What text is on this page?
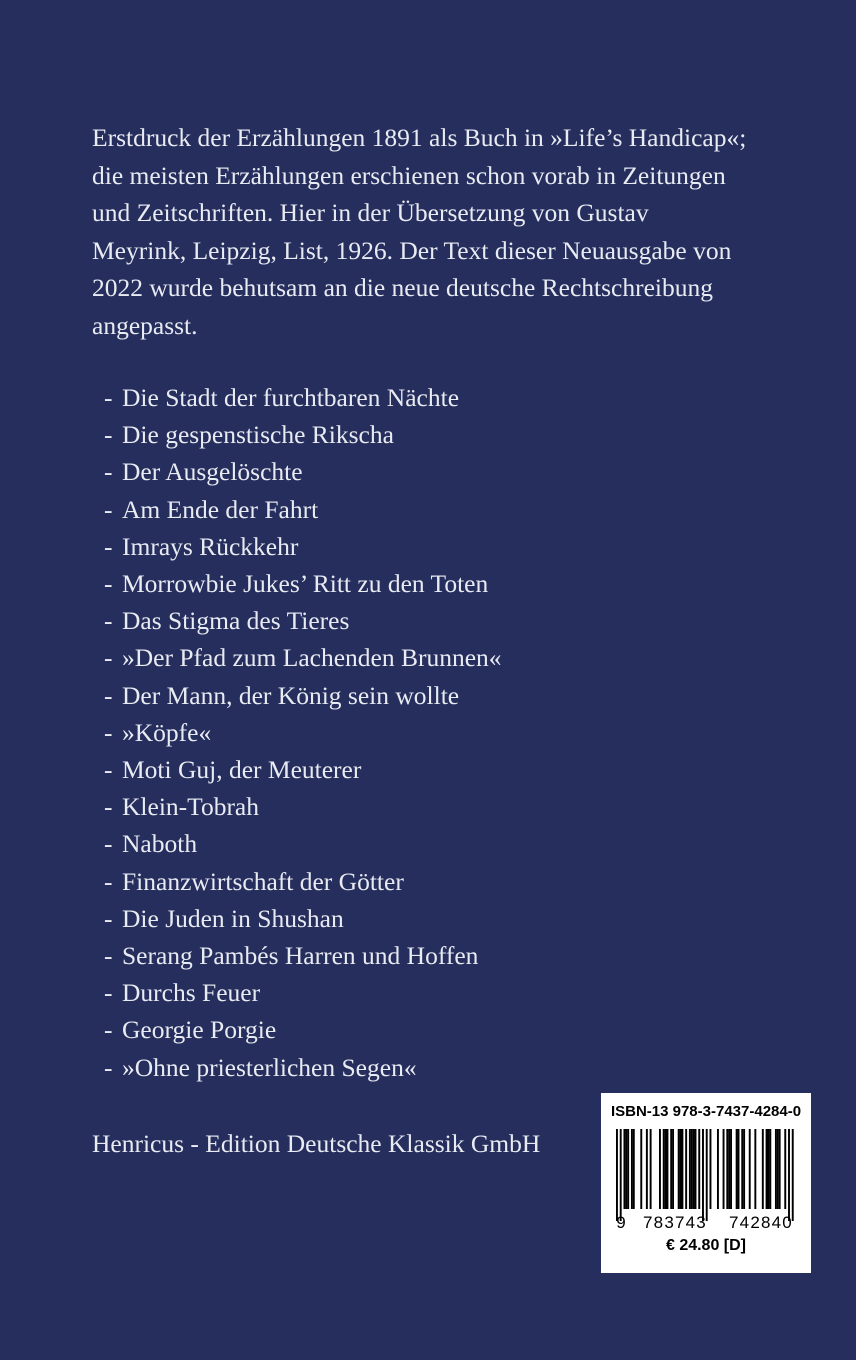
Erstdruck der Erzählungen 1891 als Buch in »Life’s Handicap«;
die meisten Erzählungen erschienen schon vorab in Zeitungen
und Zeitschriften. Hier in der Übersetzung von Gustav
Meyrink, Leipzig, List, 1926. Der Text dieser Neuausgabe von
2022 wurde behutsam an die neue deutsche Rechtschreibung
angepasst.
- Die Stadt der furchtbaren Nächte
- Die gespenstische Rikscha
- Der Ausgelöschte
- Am Ende der Fahrt
- Imrays Rückkehr
- Morrowbie Jukes’ Ritt zu den Toten
- Das Stigma des Tieres
- »Der Pfad zum Lachenden Brunnen«
- Der Mann, der König sein wollte
- »Köpfe«
- Moti Guj, der Meuterer
- Klein-Tobrah
- Naboth
- Finanzwirtschaft der Götter
- Die Juden in Shushan
- Serang Pambés Harren und Hoffen
- Durchs Feuer
- Georgie Porgie
- »Ohne priesterlichen Segen«
Henricus - Edition Deutsche Klassik GmbH
ISBN-13 978-3-7437-4284-0
9 783743 742840
€ 24.80 [D]
